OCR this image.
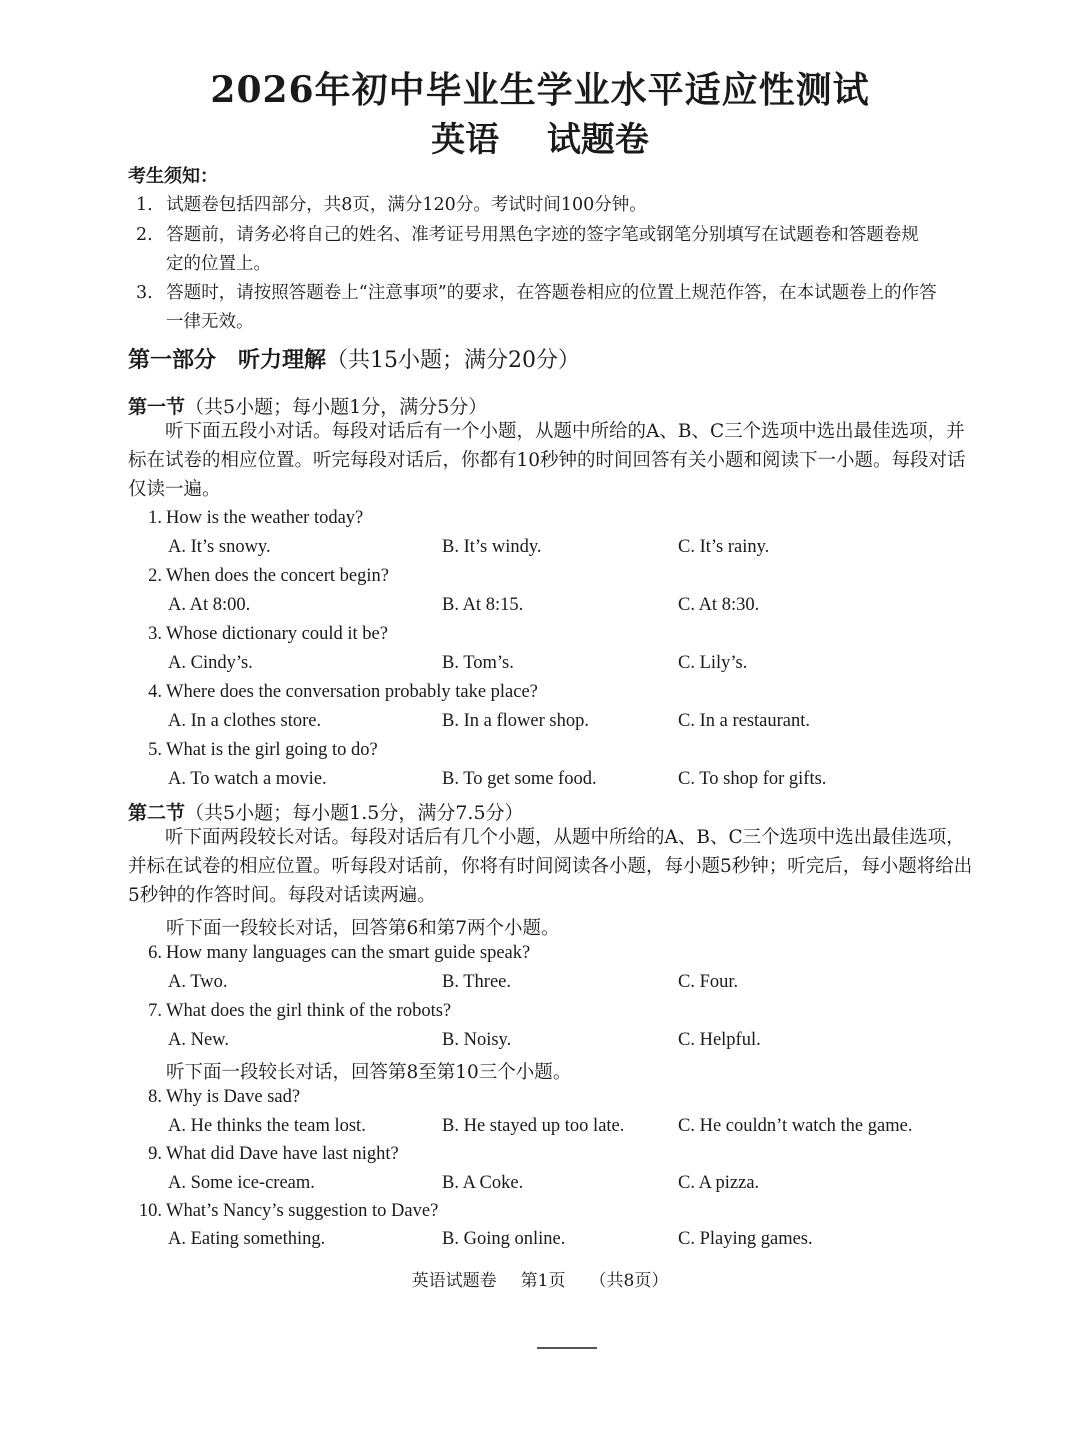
2026年初中毕业生学业水平适应性测试
英语 试题卷
考生须知：
1. 试题卷包括四部分，共8页，满分120分。考试时间100分钟。
2. 答题前，请务必将自己的姓名、准考证号用黑色字迹的签字笔或钢笔分别填写在试题卷和答题卷规
定的位置上。
3. 答题时，请按照答题卷上“注意事项”的要求，在答题卷相应的位置上规范作答，在本试题卷上的作答
一律无效。
第一部分　听力理解（共15小题；满分20分）
第一节（共5小题；每小题1分，满分5分）
　　听下面五段小对话。每段对话后有一个小题，从题中所给的A、B、C三个选项中选出最佳选项，并标在试卷的相应位置。听完每段对话后，你都有10秒钟的时间回答有关小题和阅读下一小题。每段对话仅读一遍。
1. How is the weather today?
A. It’s snowy.	B. It’s windy.	C. It’s rainy.
2. When does the concert begin?
A. At 8:00.	B. At 8:15.	C. At 8:30.
3. Whose dictionary could it be?
A. Cindy’s.	B. Tom’s.	C. Lily’s.
4. Where does the conversation probably take place?
A. In a clothes store.	B. In a flower shop.	C. In a restaurant.
5. What is the girl going to do?
A. To watch a movie.	B. To get some food.	C. To shop for gifts.
第二节（共5小题；每小题1.5分，满分7.5分）
　　听下面两段较长对话。每段对话后有几个小题，从题中所给的A、B、C三个选项中选出最佳选项，并标在试卷的相应位置。听每段对话前，你将有时间阅读各小题，每小题5秒钟；听完后，每小题将给出5秒钟的作答时间。每段对话读两遍。
听下面一段较长对话，回答第6和第7两个小题。
6. How many languages can the smart guide speak?
A. Two.	B. Three.	C. Four.
7. What does the girl think of the robots?
A. New.	B. Noisy.	C. Helpful.
听下面一段较长对话，回答第8至第10三个小题。
8. Why is Dave sad?
A. He thinks the team lost.	B. He stayed up too late.	C. He couldn’t watch the game.
9. What did Dave have last night?
A. Some ice-cream.	B. A Coke.	C. A pizza.
10. What’s Nancy’s suggestion to Dave?
A. Eating something.	B. Going online.	C. Playing games.
英语试题卷 第1页 （共8页）
